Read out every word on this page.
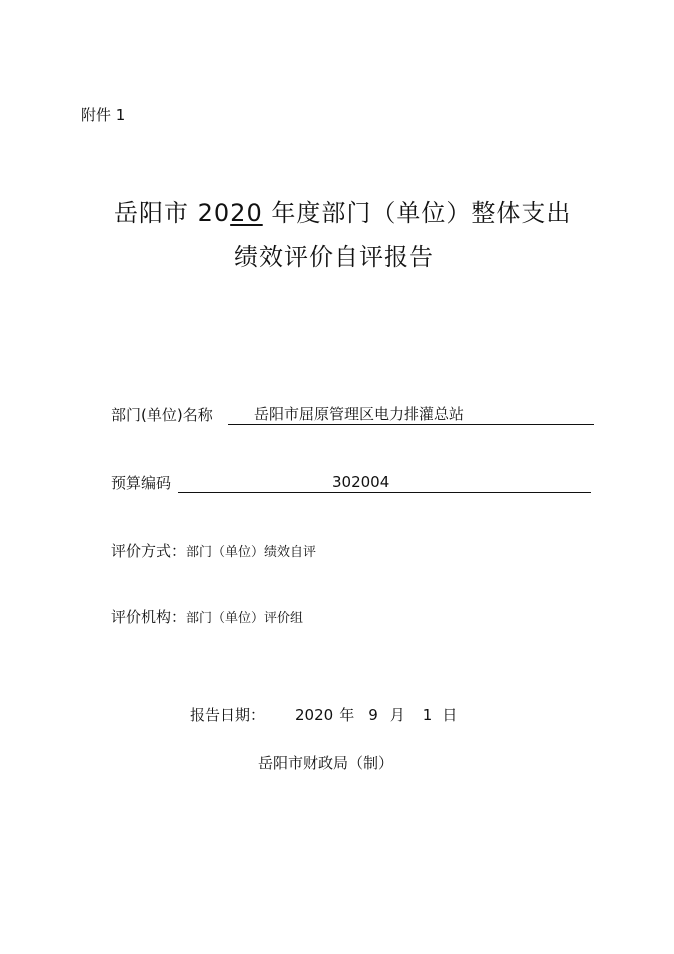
附件 1
岳阳市 2020 年度部门（单位）整体支出
绩效评价自评报告
部门(单位)名称	岳阳市屈原管理区电力排灌总站
预算编码	302004
评价方式：部门（单位）绩效自评
评价机构：部门（单位）评价组
报告日期： 2020 年 9 月 1 日
岳阳市财政局（制）
